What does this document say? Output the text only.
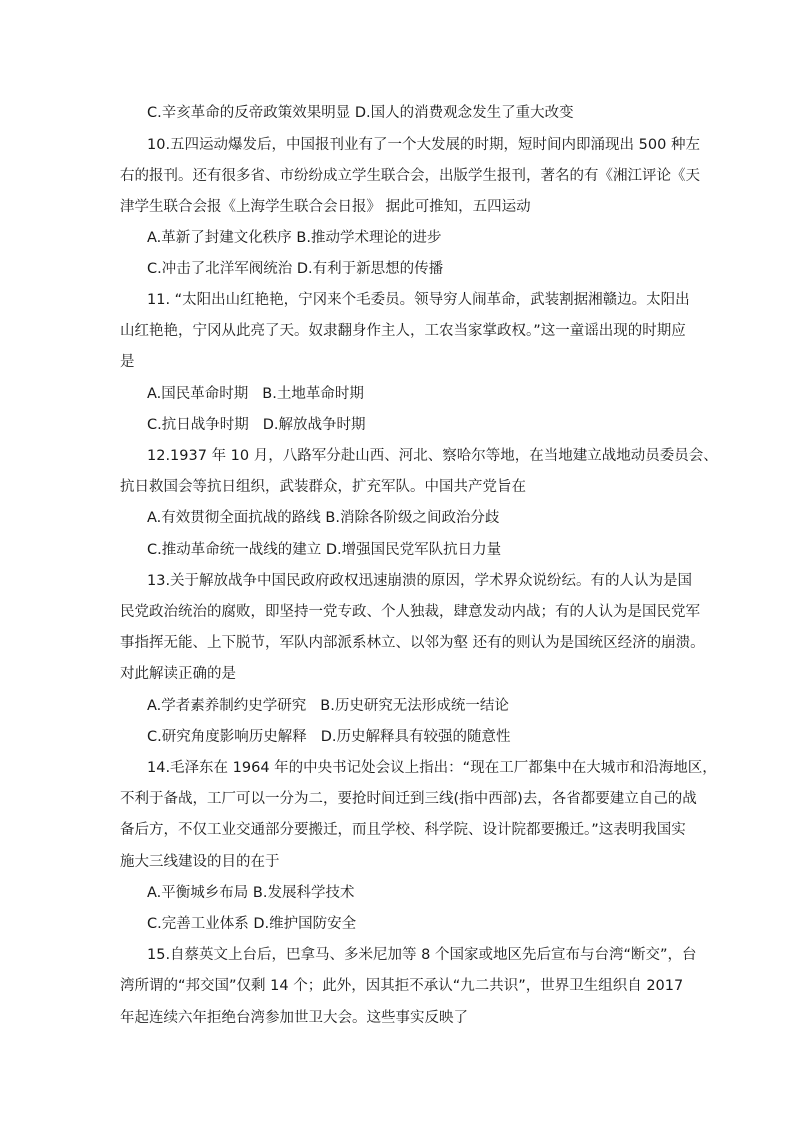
C.辛亥革命的反帝政策效果明显 D.国人的消费观念发生了重大改变
10.五四运动爆发后，中国报刊业有了一个大发展的时期，短时间内即涌现出 500 种左
右的报刊。还有很多省、市纷纷成立学生联合会，出版学生报刊，著名的有《湘江评论《天
津学生联合会报《上海学生联合会日报》 据此可推知，五四运动
A.革新了封建文化秩序 B.推动学术理论的进步
C.冲击了北洋军阀统治 D.有利于新思想的传播
11. “太阳出山红艳艳，宁冈来个毛委员。领导穷人闹革命，武装割据湘赣边。太阳出
山红艳艳，宁冈从此亮了天。奴隶翻身作主人，工农当家掌政权。”这一童谣出现的时期应
是
A.国民革命时期 B.土地革命时期
C.抗日战争时期 D.解放战争时期
12.1937 年 10 月，八路军分赴山西、河北、察哈尔等地，在当地建立战地动员委员会、
抗日救国会等抗日组织，武装群众，扩充军队。中国共产党旨在
A.有效贯彻全面抗战的路线 B.消除各阶级之间政治分歧
C.推动革命统一战线的建立 D.增强国民党军队抗日力量
13.关于解放战争中国民政府政权迅速崩溃的原因，学术界众说纷纭。有的人认为是国
民党政治统治的腐败，即坚持一党专政、个人独裁，肆意发动内战；有的人认为是国民党军
事指挥无能、上下脱节，军队内部派系林立、以邻为壑 还有的则认为是国统区经济的崩溃。
对此解读正确的是
A.学者素养制约史学研究 B.历史研究无法形成统一结论
C.研究角度影响历史解释 D.历史解释具有较强的随意性
14.毛泽东在 1964 年的中央书记处会议上指出：“现在工厂都集中在大城市和沿海地区，
不利于备战，工厂可以一分为二，要抢时间迁到三线(指中西部)去，各省都要建立自己的战
备后方，不仅工业交通部分要搬迁，而且学校、科学院、设计院都要搬迁。”这表明我国实
施大三线建设的目的在于
A.平衡城乡布局 B.发展科学技术
C.完善工业体系 D.维护国防安全
15.自蔡英文上台后，巴拿马、多米尼加等 8 个国家或地区先后宣布与台湾“断交”，台
湾所谓的“邦交国”仅剩 14 个；此外，因其拒不承认“九二共识”，世界卫生组织自 2017
年起连续六年拒绝台湾参加世卫大会。这些事实反映了
